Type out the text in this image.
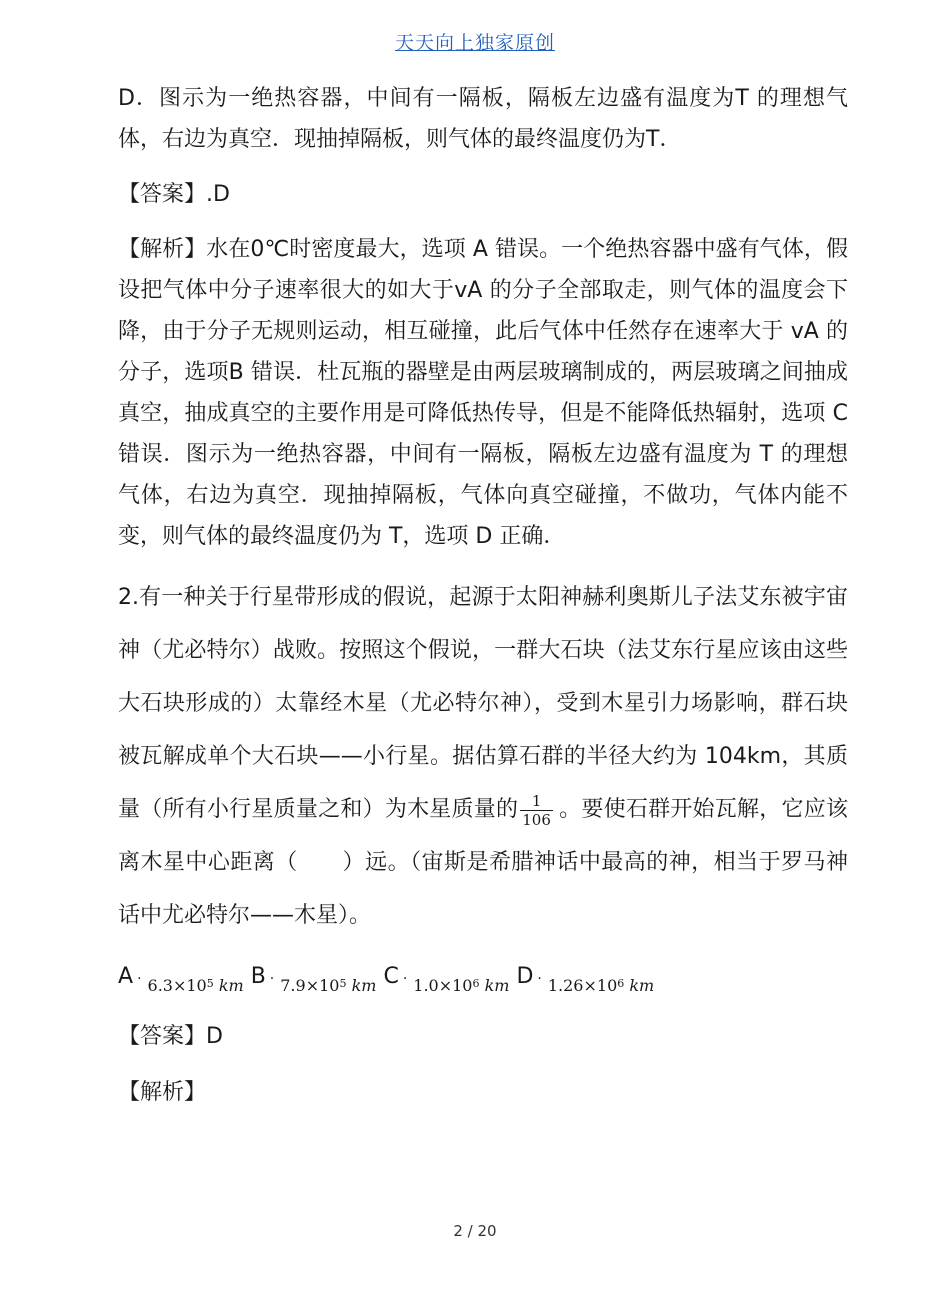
天天向上独家原创

D．图示为一绝热容器，中间有一隔板，隔板左边盛有温度为T 的理想气体，右边为真空．现抽掉隔板，则气体的最终温度仍为T．

【答案】.D

【解析】水在0℃时密度最大，选项 A 错误。一个绝热容器中盛有气体，假设把气体中分子速率很大的如大于vA 的分子全部取走，则气体的温度会下降，由于分子无规则运动，相互碰撞，此后气体中任然存在速率大于 vA 的分子，选项B 错误．杜瓦瓶的器壁是由两层玻璃制成的，两层玻璃之间抽成真空，抽成真空的主要作用是可降低热传导，但是不能降低热辐射，选项 C 错误．图示为一绝热容器，中间有一隔板，隔板左边盛有温度为 T 的理想气体，右边为真空．现抽掉隔板，气体向真空碰撞，不做功，气体内能不变，则气体的最终温度仍为 T，选项 D 正确．

2.有一种关于行星带形成的假说，起源于太阳神赫利奥斯儿子法艾东被宇宙神（尤必特尔）战败。按照这个假说，一群大石块（法艾东行星应该由这些大石块形成的）太靠经木星（尤必特尔神），受到木星引力场影响，群石块被瓦解成单个大石块——小行星。据估算石群的半径大约为 104km，其质量（所有小行星质量之和）为木星质量的 $\frac{1}{106}$ 。要使石群开始瓦解，它应该离木星中心距离（　　）远。（宙斯是希腊神话中最高的神，相当于罗马神话中尤必特尔——木星）。

A · $_{6.3\times 10^5 km}$ B · $_{7.9\times 10^5 km}$ C · $_{1.0\times 10^6 km}$ D · $_{1.26\times 10^6 km}$

【答案】D

【解析】

2 / 20
